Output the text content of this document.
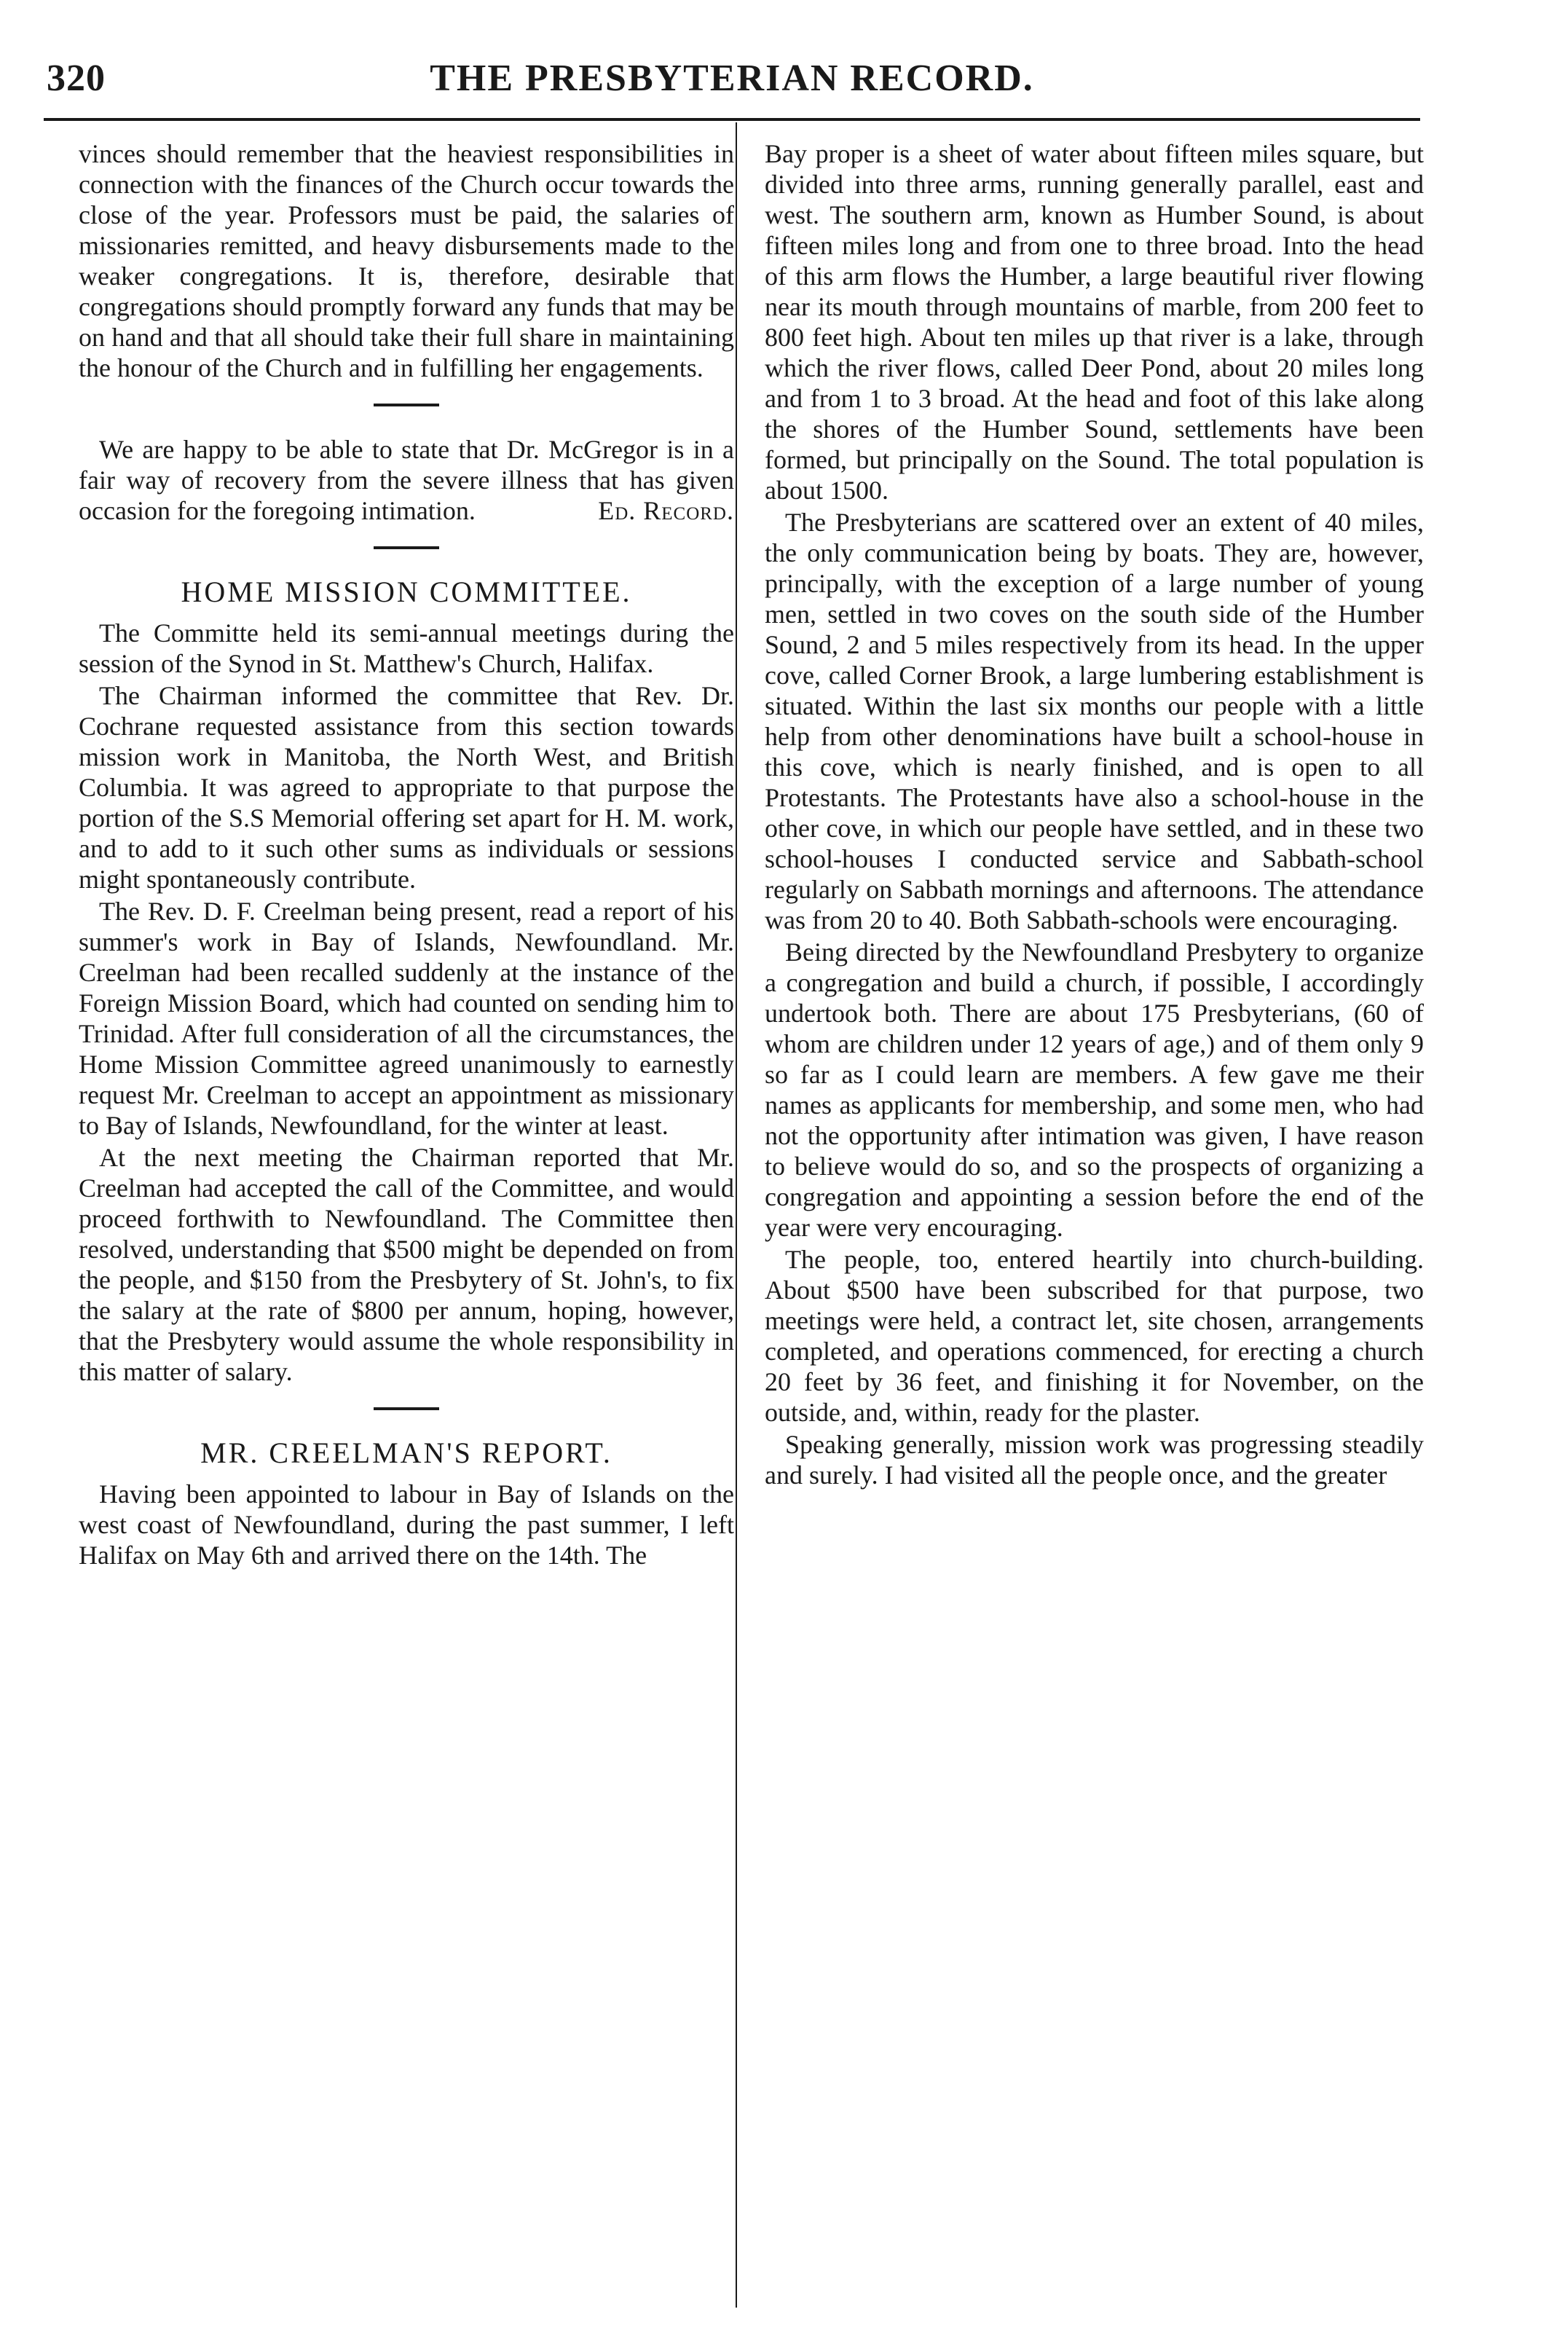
320	THE PRESBYTERIAN RECORD.

vinces should remember that the heaviest responsibilities in connection with the finances of the Church occur towards the close of the year. Professors must be paid, the salaries of missionaries remitted, and heavy disbursements made to the weaker congregations. It is, therefore, desirable that congregations should promptly forward any funds that may be on hand and that all should take their full share in maintaining the honour of the Church and in fulfilling her engagements.

We are happy to be able to state that Dr. McGregor is in a fair way of recovery from the severe illness that has given occasion for the foregoing intimation.	Ed. Record.

HOME MISSION COMMITTEE.

The Committe held its semi-annual meetings during the session of the Synod in St. Matthew's Church, Halifax.

The Chairman informed the committee that Rev. Dr. Cochrane requested assistance from this section towards mission work in Manitoba, the North West, and British Columbia. It was agreed to appropriate to that purpose the portion of the S.S Memorial offering set apart for H. M. work, and to add to it such other sums as individuals or sessions might spontaneously contribute.

The Rev. D. F. Creelman being present, read a report of his summer's work in Bay of Islands, Newfoundland. Mr. Creelman had been recalled suddenly at the instance of the Foreign Mission Board, which had counted on sending him to Trinidad. After full consideration of all the circumstances, the Home Mission Committee agreed unanimously to earnestly request Mr. Creelman to accept an appointment as missionary to Bay of Islands, Newfoundland, for the winter at least.

At the next meeting the Chairman reported that Mr. Creelman had accepted the call of the Committee, and would proceed forthwith to Newfoundland. The Committee then resolved, understanding that $500 might be depended on from the people, and $150 from the Presbytery of St. John's, to fix the salary at the rate of $800 per annum, hoping, however, that the Presbytery would assume the whole responsibility in this matter of salary.

MR. CREELMAN'S REPORT.

Having been appointed to labour in Bay of Islands on the west coast of Newfoundland, during the past summer, I left Halifax on May 6th and arrived there on the 14th. The

Bay proper is a sheet of water about fifteen miles square, but divided into three arms, running generally parallel, east and west. The southern arm, known as Humber Sound, is about fifteen miles long and from one to three broad. Into the head of this arm flows the Humber, a large beautiful river flowing near its mouth through mountains of marble, from 200 feet to 800 feet high. About ten miles up that river is a lake, through which the river flows, called Deer Pond, about 20 miles long and from 1 to 3 broad. At the head and foot of this lake along the shores of the Humber Sound, settlements have been formed, but principally on the Sound. The total population is about 1500.

The Presbyterians are scattered over an extent of 40 miles, the only communication being by boats. They are, however, principally, with the exception of a large number of young men, settled in two coves on the south side of the Humber Sound, 2 and 5 miles respectively from its head. In the upper cove, called Corner Brook, a large lumbering establishment is situated. Within the last six months our people with a little help from other denominations have built a school-house in this cove, which is nearly finished, and is open to all Protestants. The Protestants have also a school-house in the other cove, in which our people have settled, and in these two school-houses I conducted service and Sabbath-school regularly on Sabbath mornings and afternoons. The attendance was from 20 to 40. Both Sabbath-schools were encouraging.

Being directed by the Newfoundland Presbytery to organize a congregation and build a church, if possible, I accordingly undertook both. There are about 175 Presbyterians, (60 of whom are children under 12 years of age,) and of them only 9 so far as I could learn are members. A few gave me their names as applicants for membership, and some men, who had not the opportunity after intimation was given, I have reason to believe would do so, and so the prospects of organizing a congregation and appointing a session before the end of the year were very encouraging.

The people, too, entered heartily into church-building. About $500 have been subscribed for that purpose, two meetings were held, a contract let, site chosen, arrangements completed, and operations commenced, for erecting a church 20 feet by 36 feet, and finishing it for November, on the outside, and, within, ready for the plaster.

Speaking generally, mission work was progressing steadily and surely. I had visited all the people once, and the greater
